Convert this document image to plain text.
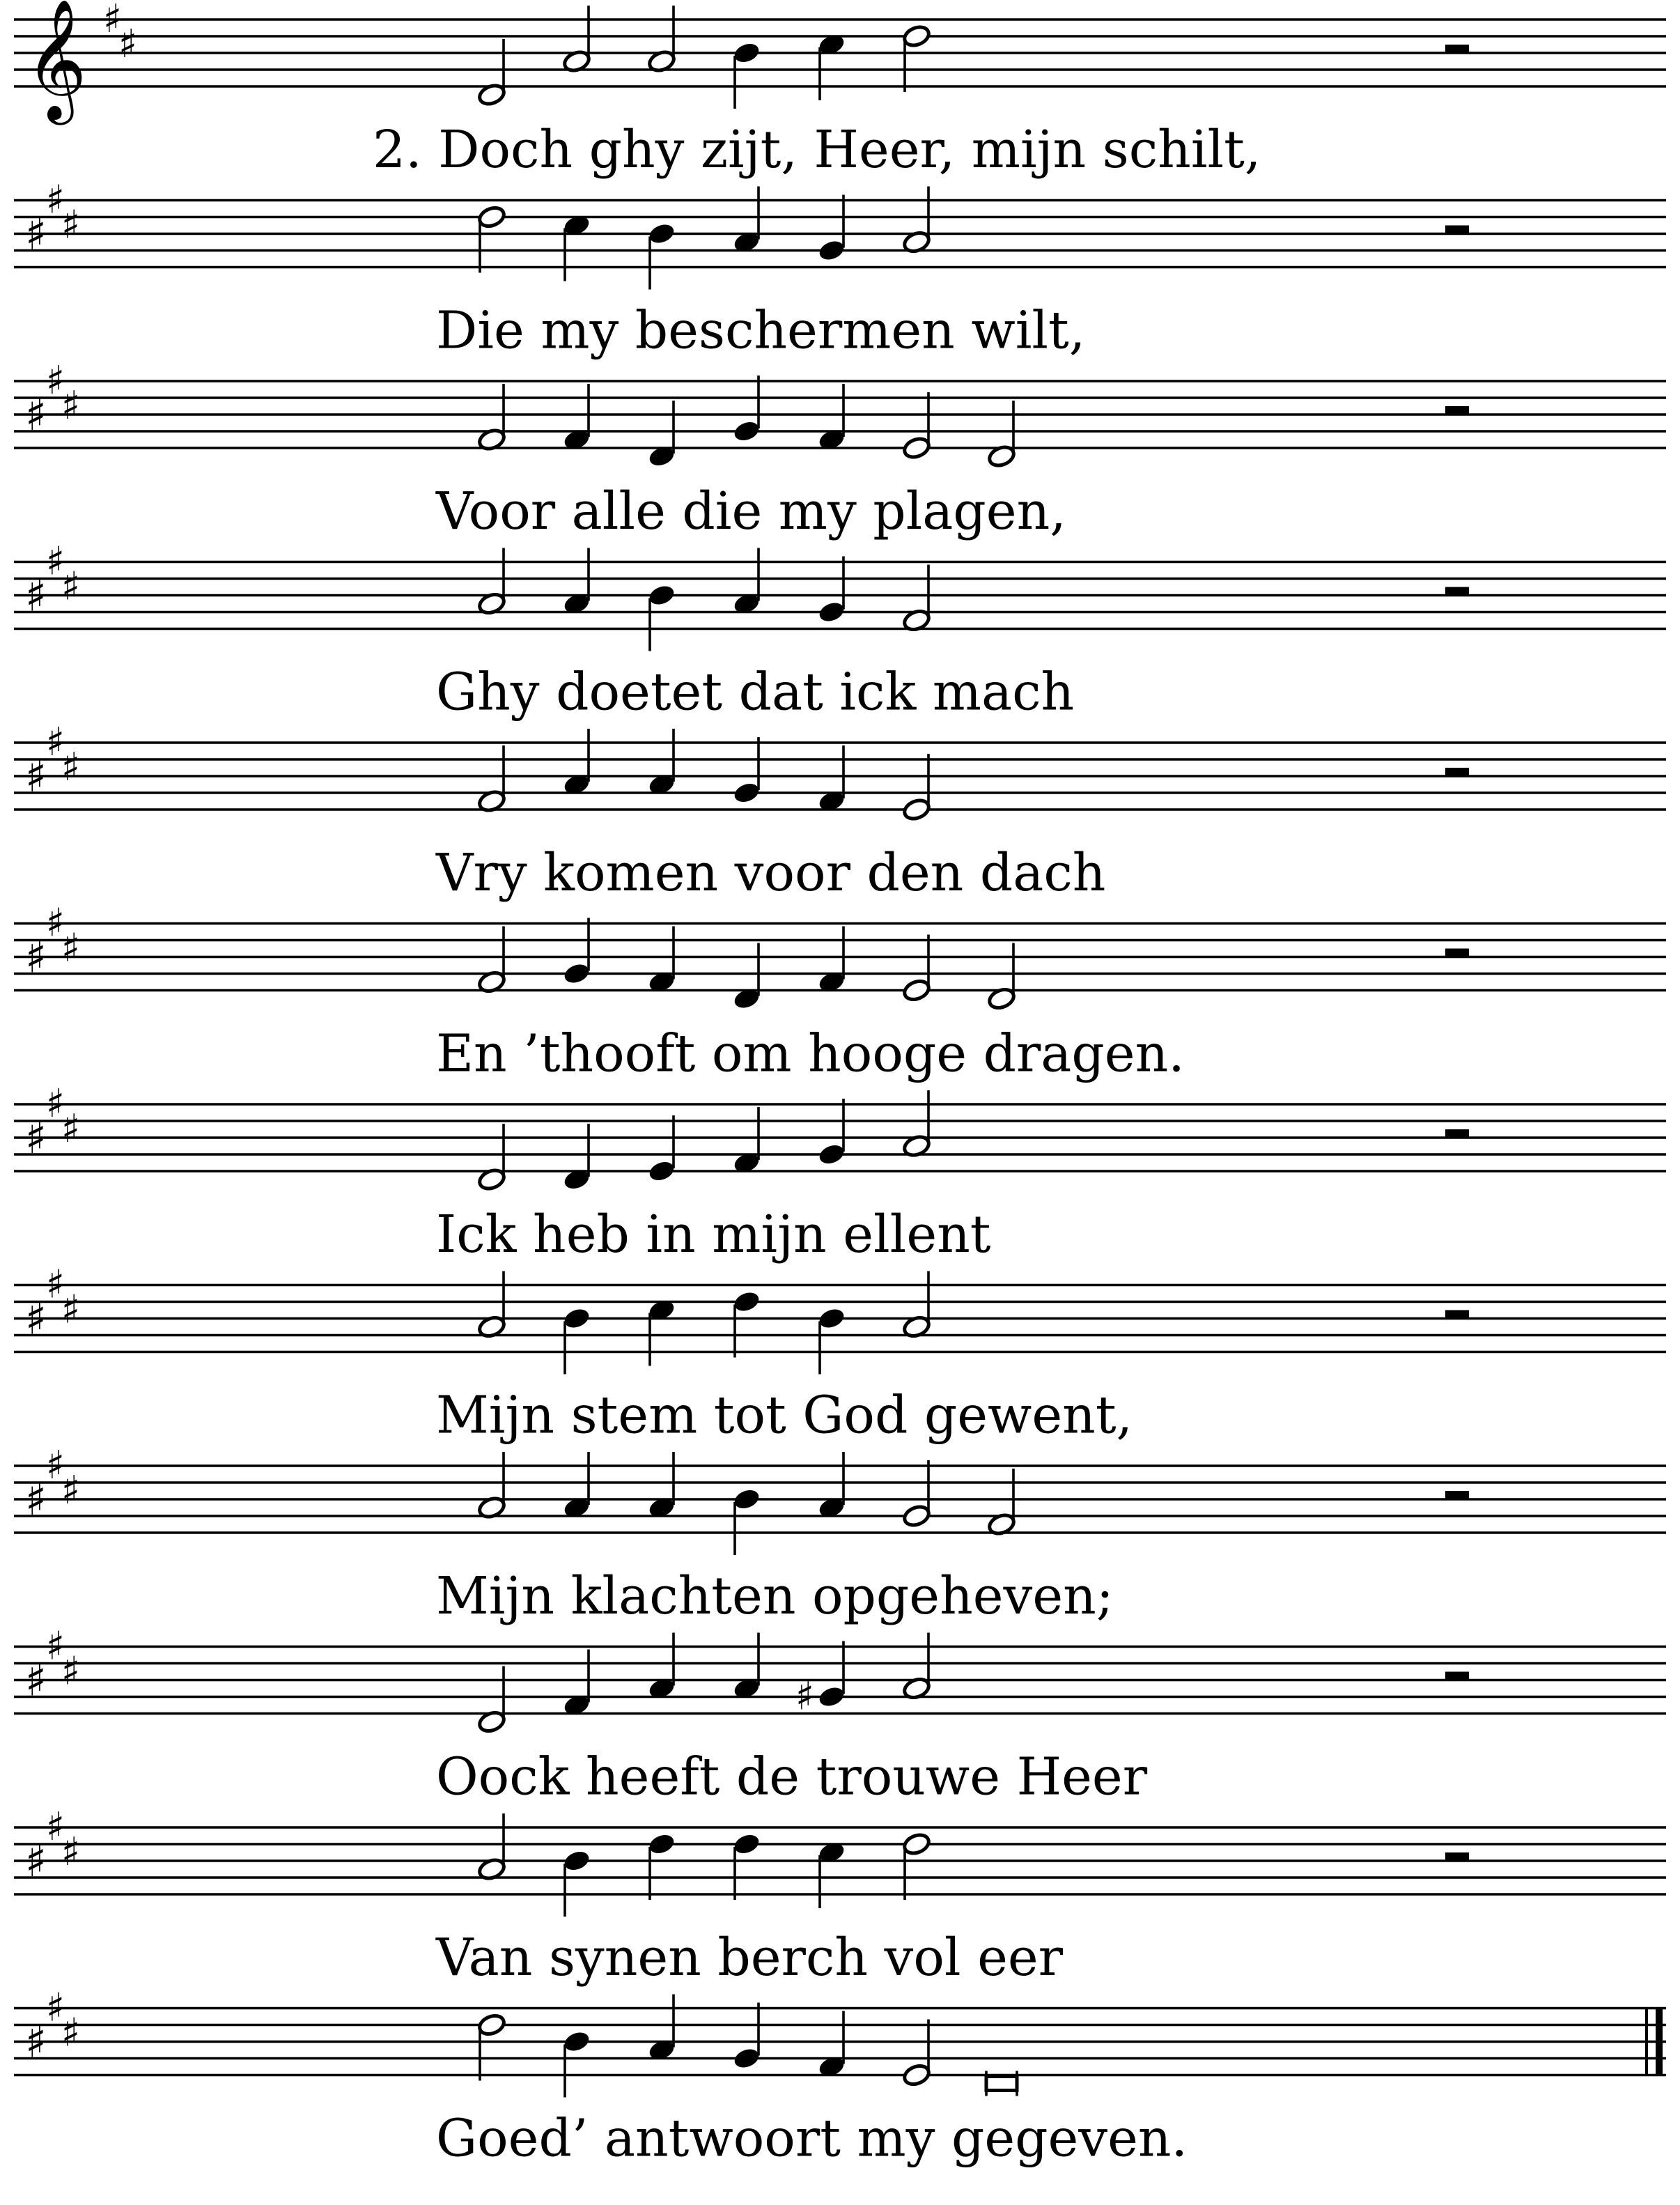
𝄞 ♯
♯
2. Doch ghy zijt, Heer, mijn schilt,
♯
♯
♯
Die my beschermen wilt,
♯
♯
♯
Voor alle die my plagen,
♯
♯
♯
Ghy doetet dat ick mach
♯
♯
♯
Vry komen voor den dach
♯
♯
♯
En ’thooft om hooge dragen.
♯
♯
♯
Ick heb in mijn ellent
♯
♯
♯
Mijn stem tot God gewent,
♯
♯
♯
Mijn klachten opgeheven;
♯
♯
♯
♯
Oock heeft de trouwe Heer
♯
♯
♯
Van synen berch vol eer
♯
♯
♯
Goed’ antwoort my gegeven.
